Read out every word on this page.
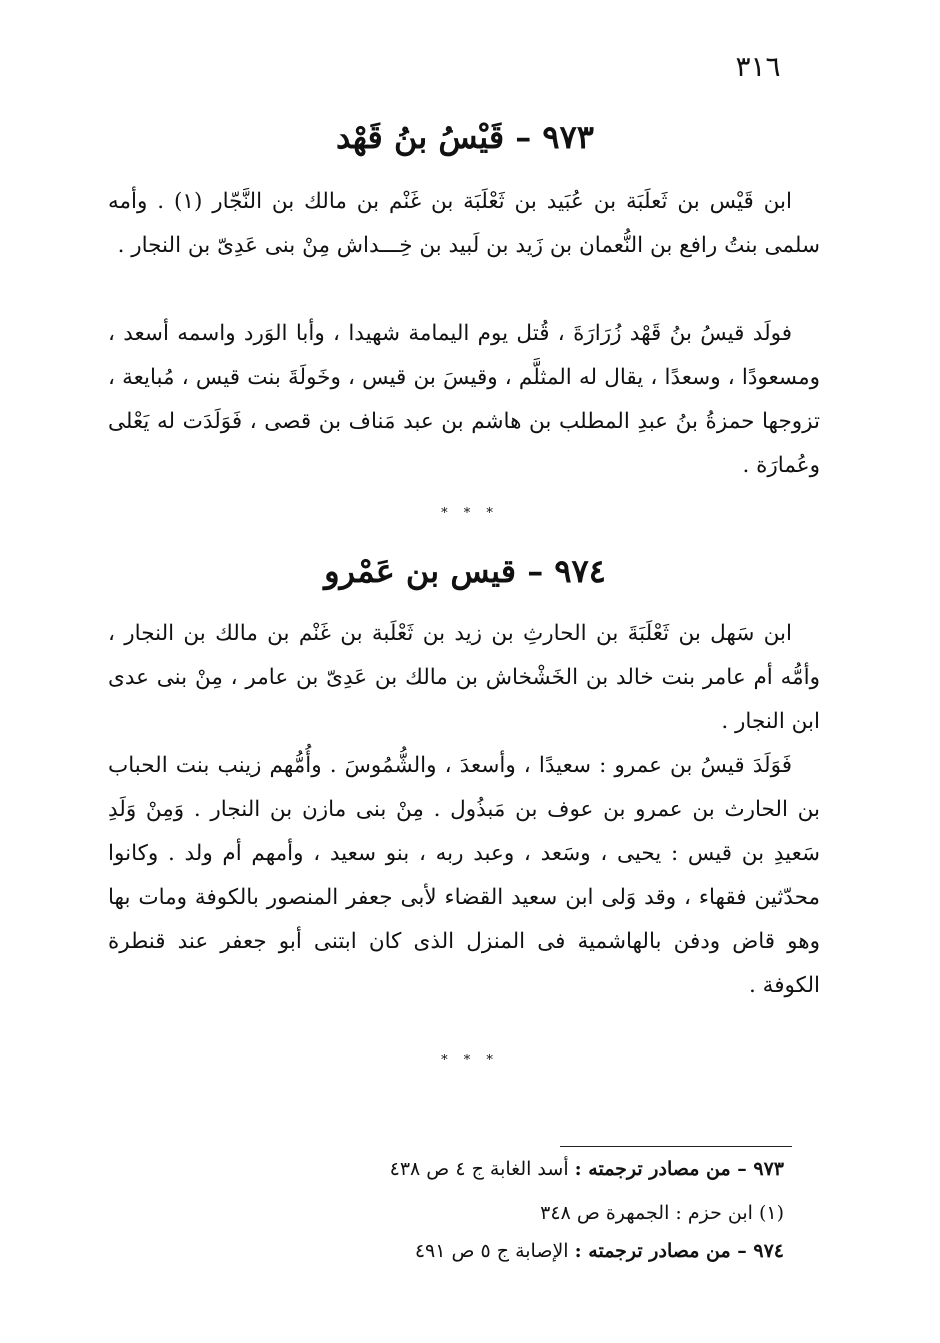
٣١٦
٩٧٣ – قَيْسُ بنُ قَهْد

ابن قَيْس بن ثَعلَبَة بن عُبَيد بن ثَعْلَبَة بن غَنْم بن مالك بن النَّجّار (١) . وأمه سلمى بنتُ رافع بن النُّعمان بن زَيد بن لَبيد بن خِـــداش مِنْ بنى عَدِىّ بن النجار .

فولَد قيسُ بنُ قَهْد زُرَارَةَ ، قُتل يوم اليمامة شهيدا ، وأبا الوَرد واسمه أسعد ، ومسعودًا ، وسعدًا ، يقال له المثلَّم ، وقيسَ بن قيس ، وخَولَةَ بنت قيس ، مُبايعة ، تزوجها حمزةُ بنُ عبدِ المطلب بن هاشم بن عبد مَناف بن قصى ، فَوَلَدَت له يَعْلى وعُمارَة .

* * *
٩٧٤ – قيس بن عَمْرو

ابن سَهل بن ثَعْلَبَةَ بن الحارثِ بن زيد بن ثَعْلَبة بن غَنْم بن مالك بن النجار ، وأمُّه أم عامر بنت خالد بن الخَشْخاش بن مالك بن عَدِىّ بن عامر ، مِنْ بنى عدى ابن النجار .

فَوَلَدَ قيسُ بن عمرو : سعيدًا ، وأسعدَ ، والشُّمُوسَ . وأُمُّهم زينب بنت الحباب بن الحارث بن عمرو بن عوف بن مَبذُول . مِنْ بنى مازن بن النجار . وَمِنْ وَلَدِ سَعيدِ بن قيس : يحيى ، وسَعد ، وعبد ربه ، بنو سعيد ، وأمهم أم ولد . وكانوا محدّثين فقهاء ، وقد وَلى ابن سعيد القضاء لأبى جعفر المنصور بالكوفة ومات بها وهو قاض ودفن بالهاشمية فى المنزل الذى كان ابتنى أبو جعفر عند قنطرة الكوفة .

* * *
٩٧٣ – من مصادر ترجمته : أسد الغابة ج ٤ ص ٤٣٨
(١) ابن حزم : الجمهرة ص ٣٤٨
٩٧٤ – من مصادر ترجمته : الإصابة ج ٥ ص ٤٩١
